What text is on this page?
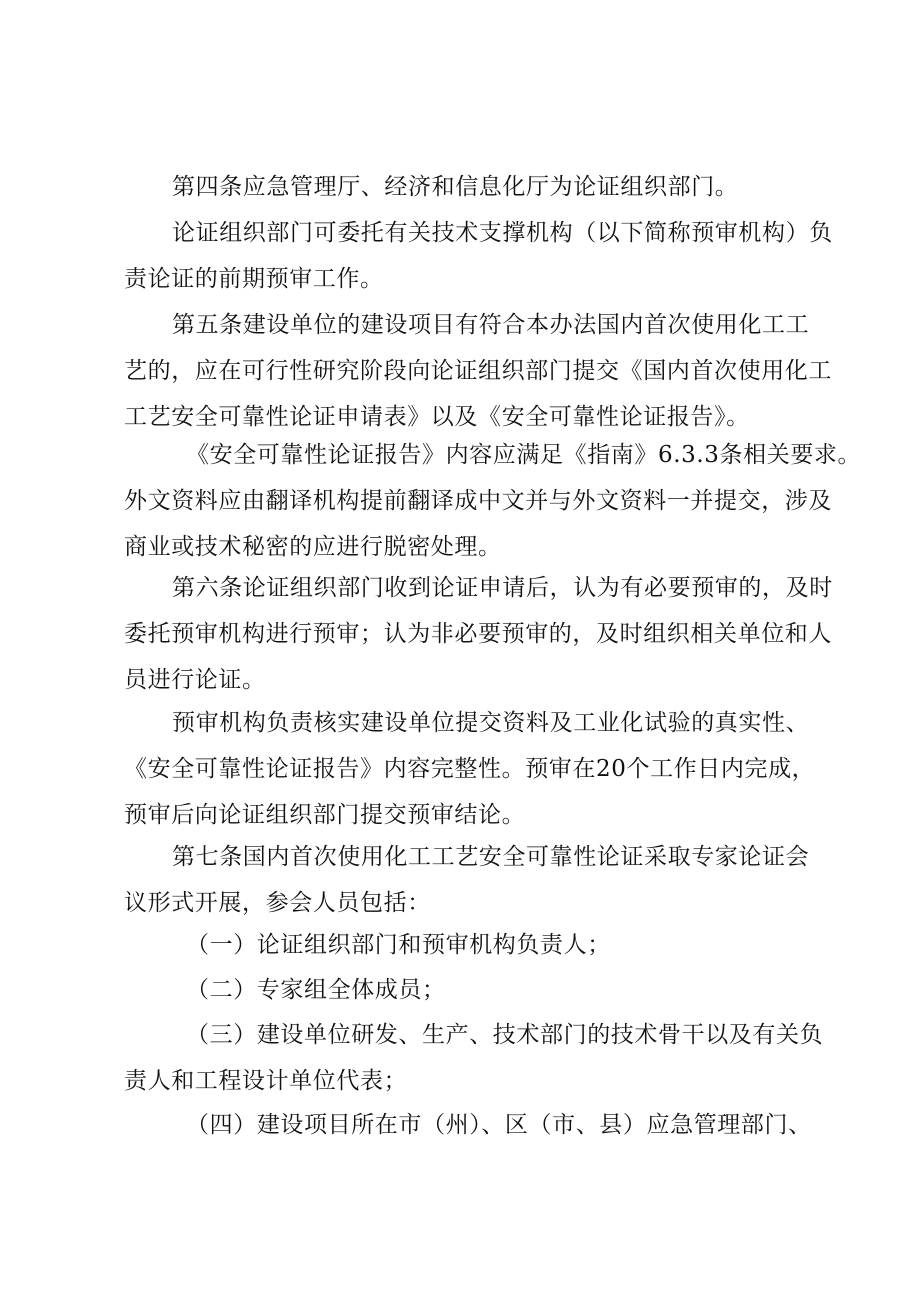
第四条应急管理厅、经济和信息化厅为论证组织部门。

论证组织部门可委托有关技术支撑机构（以下简称预审机构）负
责论证的前期预审工作。

第五条建设单位的建设项目有符合本办法国内首次使用化工工
艺的，应在可行性研究阶段向论证组织部门提交《国内首次使用化工
工艺安全可靠性论证申请表》以及《安全可靠性论证报告》。

《安全可靠性论证报告》内容应满足《指南》6.3.3条相关要求。
外文资料应由翻译机构提前翻译成中文并与外文资料一并提交，涉及
商业或技术秘密的应进行脱密处理。

第六条论证组织部门收到论证申请后，认为有必要预审的，及时
委托预审机构进行预审；认为非必要预审的，及时组织相关单位和人
员进行论证。

预审机构负责核实建设单位提交资料及工业化试验的真实性、
《安全可靠性论证报告》内容完整性。预审在20个工作日内完成，
预审后向论证组织部门提交预审结论。

第七条国内首次使用化工工艺安全可靠性论证采取专家论证会
议形式开展，参会人员包括：

（一）论证组织部门和预审机构负责人；

（二）专家组全体成员；

（三）建设单位研发、生产、技术部门的技术骨干以及有关负
责人和工程设计单位代表；

（四）建设项目所在市（州）、区（市、县）应急管理部门、
